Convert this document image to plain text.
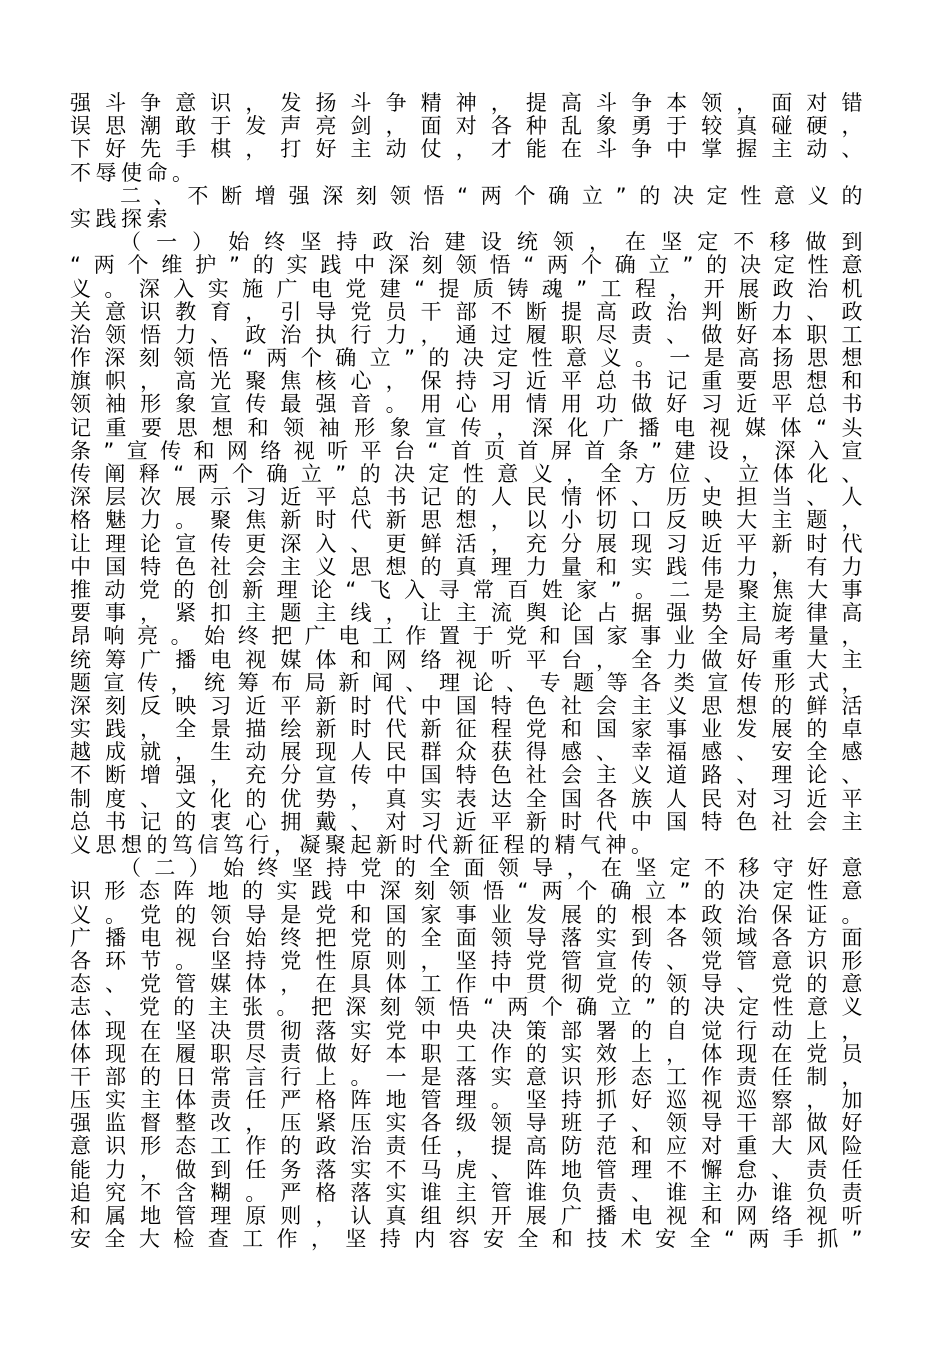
强斗争意识，发扬斗争精神，提高斗争本领，面对错
误思潮敢于发声亮剑，面对各种乱象勇于较真碰硬，
下好先手棋，打好主动仗，才能在斗争中掌握主动、
不辱使命。
二、不断增强深刻领悟“两个确立”的决定性意义的
实践探索
（一）始终坚持政治建设统领，在坚定不移做到
“两个维护”的实践中深刻领悟“两个确立”的决定性意
义。深入实施广电党建“提质铸魂”工程，开展政治机
关意识教育，引导党员干部不断提高政治判断力、政
治领悟力、政治执行力，通过履职尽责、做好本职工
作深刻领悟“两个确立”的决定性意义。一是高扬思想
旗帜，高光聚焦核心，保持习近平总书记重要思想和
领袖形象宣传最强音。用心用情用功做好习近平总书
记重要思想和领袖形象宣传，深化广播电视媒体“头
条”宣传和网络视听平台“首页首屏首条”建设，深入宣
传阐释“两个确立”的决定性意义，全方位、立体化、
深层次展示习近平总书记的人民情怀、历史担当、人
格魅力。聚焦新时代新思想，以小切口反映大主题，
让理论宣传更深入、更鲜活，充分展现习近平新时代
中国特色社会主义思想的真理力量和实践伟力，有力
推动党的创新理论“飞入寻常百姓家”。二是聚焦大事
要事，紧扣主题主线，让主流舆论占据强势主旋律高
昂响亮。始终把广电工作置于党和国家事业全局考量，
统筹广播电视媒体和网络视听平台，全力做好重大主
题宣传，统筹布局新闻、理论、专题等各类宣传形式，
深刻反映习近平新时代中国特色社会主义思想的鲜活
实践，全景描绘新时代新征程党和国家事业发展的卓
越成就，生动展现人民群众获得感、幸福感、安全感
不断增强，充分宣传中国特色社会主义道路、理论、
制度、文化的优势，真实表达全国各族人民对习近平
总书记的衷心拥戴、对习近平新时代中国特色社会主
义思想的笃信笃行，凝聚起新时代新征程的精气神。
（二）始终坚持党的全面领导，在坚定不移守好意
识形态阵地的实践中深刻领悟“两个确立”的决定性意
义。党的领导是党和国家事业发展的根本政治保证。
广播电视台始终把党的全面领导落实到各领域各方面
各环节。坚持党性原则，坚持党管宣传、党管意识形
态、党管媒体，在具体工作中贯彻党的领导、党的意
志、党的主张。把深刻领悟“两个确立”的决定性意义
体现在坚决贯彻落实党中央决策部署的自觉行动上，
体现在履职尽责做好本职工作的实效上，体现在党员
干部的日常言行上。一是落实意识形态工作责任制，
压实主体责任严格阵地管理。坚持抓好巡视巡察，加
强监督整改，压紧压实各级领导班子、领导干部做好
意识形态工作的政治责任，提高防范和应对重大风险
能力，做到任务落实不马虎、阵地管理不懈怠、责任
追究不含糊。严格落实谁主管谁负责、谁主办谁负责
和属地管理原则，认真组织开展广播电视和网络视听
安全大检查工作，坚持内容安全和技术安全“两手抓”
